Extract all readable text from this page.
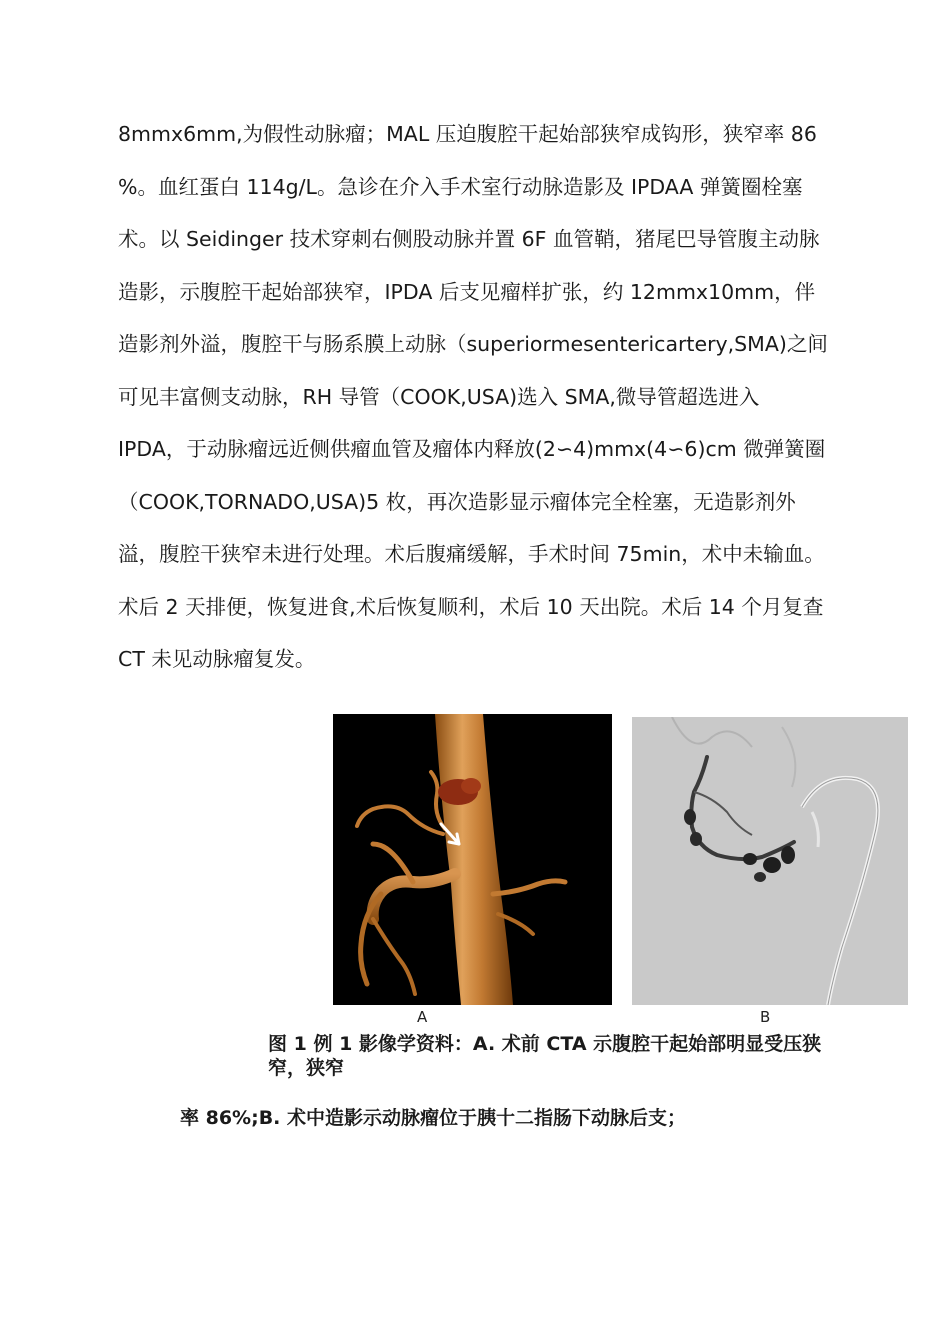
8mmx6mm,为假性动脉瘤；MAL 压迫腹腔干起始部狭窄成钩形，狭窄率 86
%。血红蛋白 114g/L。急诊在介入手术室行动脉造影及 IPDAA 弹簧圈栓塞
术。以 Seidinger 技术穿刺右侧股动脉并置 6F 血管鞘，猪尾巴导管腹主动脉
造影，示腹腔干起始部狭窄，IPDA 后支见瘤样扩张，约 12mmx10mm，伴
造影剂外溢，腹腔干与肠系膜上动脉（superiormesentericartery,SMA)之间
可见丰富侧支动脉，RH 导管（COOK,USA)选入 SMA,微导管超选进入
IPDA，于动脉瘤远近侧供瘤血管及瘤体内释放(2∽4)mmx(4∽6)cm 微弹簧圈
（COOK,TORNADO,USA)5 枚，再次造影显示瘤体完全栓塞，无造影剂外
溢，腹腔干狭窄未进行处理。术后腹痛缓解，手术时间 75min，术中未输血。
术后 2 天排便，恢复进食,术后恢复顺利，术后 10 天出院。术后 14 个月复查
CT 未见动脉瘤复发。
A	B
图 1 例 1 影像学资料：A. 术前 CTA 示腹腔干起始部明显受压狭窄，狭窄
率 86%;B. 术中造影示动脉瘤位于胰十二指肠下动脉后支；
